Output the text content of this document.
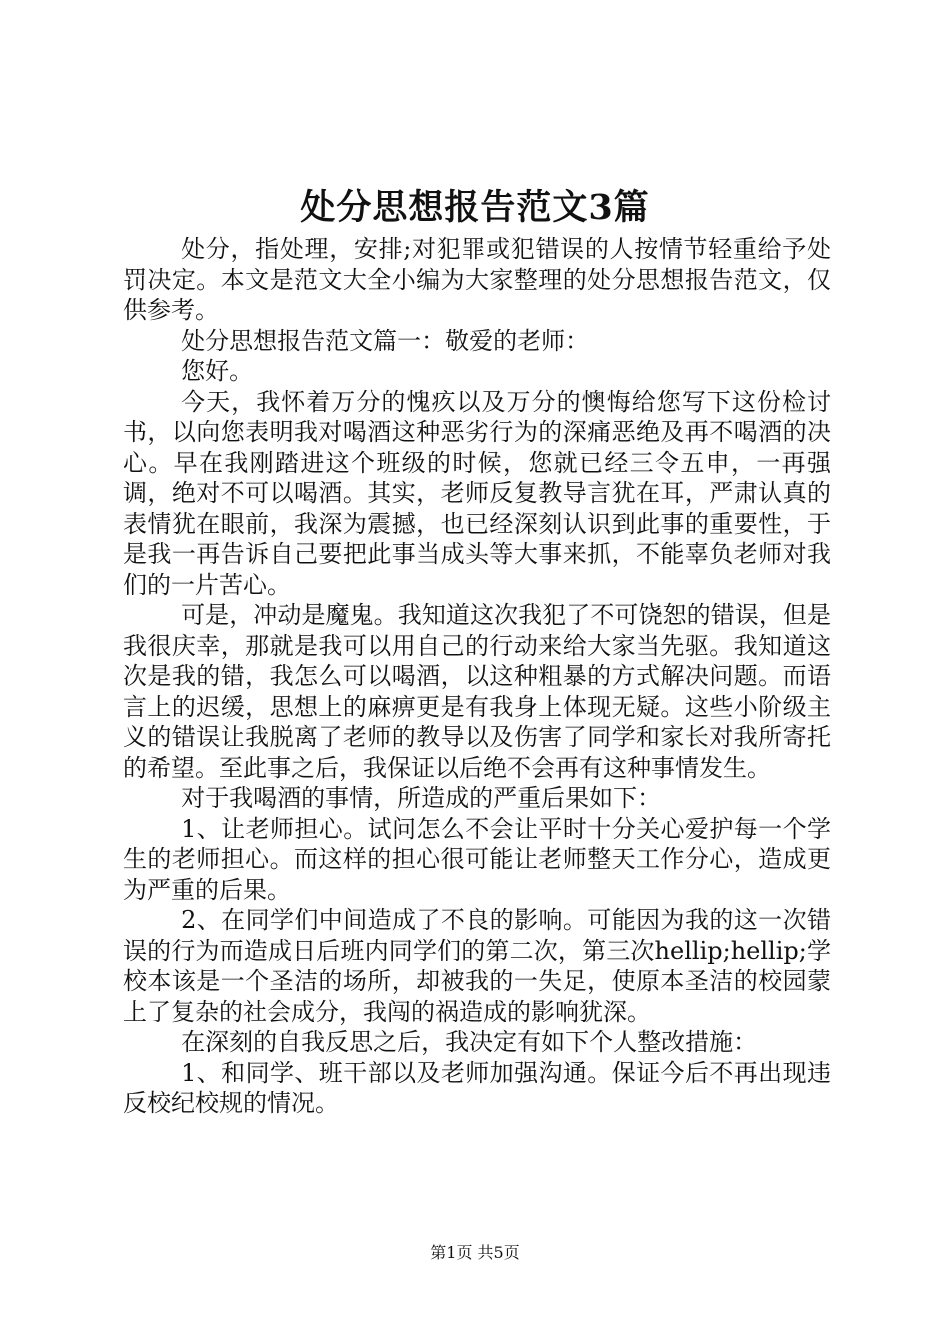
处分思想报告范文3篇

处分，指处理，安排;对犯罪或犯错误的人按情节轻重给予处罚决定。本文是范文大全小编为大家整理的处分思想报告范文，仅供参考。

处分思想报告范文篇一：敬爱的老师：

您好。

今天，我怀着万分的愧疚以及万分的懊悔给您写下这份检讨书，以向您表明我对喝酒这种恶劣行为的深痛恶绝及再不喝酒的决心。早在我刚踏进这个班级的时候，您就已经三令五申，一再强调，绝对不可以喝酒。其实，老师反复教导言犹在耳，严肃认真的表情犹在眼前，我深为震撼，也已经深刻认识到此事的重要性，于是我一再告诉自己要把此事当成头等大事来抓，不能辜负老师对我们的一片苦心。

可是，冲动是魔鬼。我知道这次我犯了不可饶恕的错误，但是我很庆幸，那就是我可以用自己的行动来给大家当先驱。我知道这次是我的错，我怎么可以喝酒，以这种粗暴的方式解决问题。而语言上的迟缓，思想上的麻痹更是有我身上体现无疑。这些小阶级主义的错误让我脱离了老师的教导以及伤害了同学和家长对我所寄托的希望。至此事之后，我保证以后绝不会再有这种事情发生。

对于我喝酒的事情，所造成的严重后果如下：

1、让老师担心。试问怎么不会让平时十分关心爱护每一个学生的老师担心。而这样的担心很可能让老师整天工作分心，造成更为严重的后果。

2、在同学们中间造成了不良的影响。可能因为我的这一次错误的行为而造成日后班内同学们的第二次，第三次hellip;hellip;学校本该是一个圣洁的场所，却被我的一失足，使原本圣洁的校园蒙上了复杂的社会成分，我闯的祸造成的影响犹深。

在深刻的自我反思之后，我决定有如下个人整改措施：

1、和同学、班干部以及老师加强沟通。保证今后不再出现违反校纪校规的情况。

第1页 共5页
